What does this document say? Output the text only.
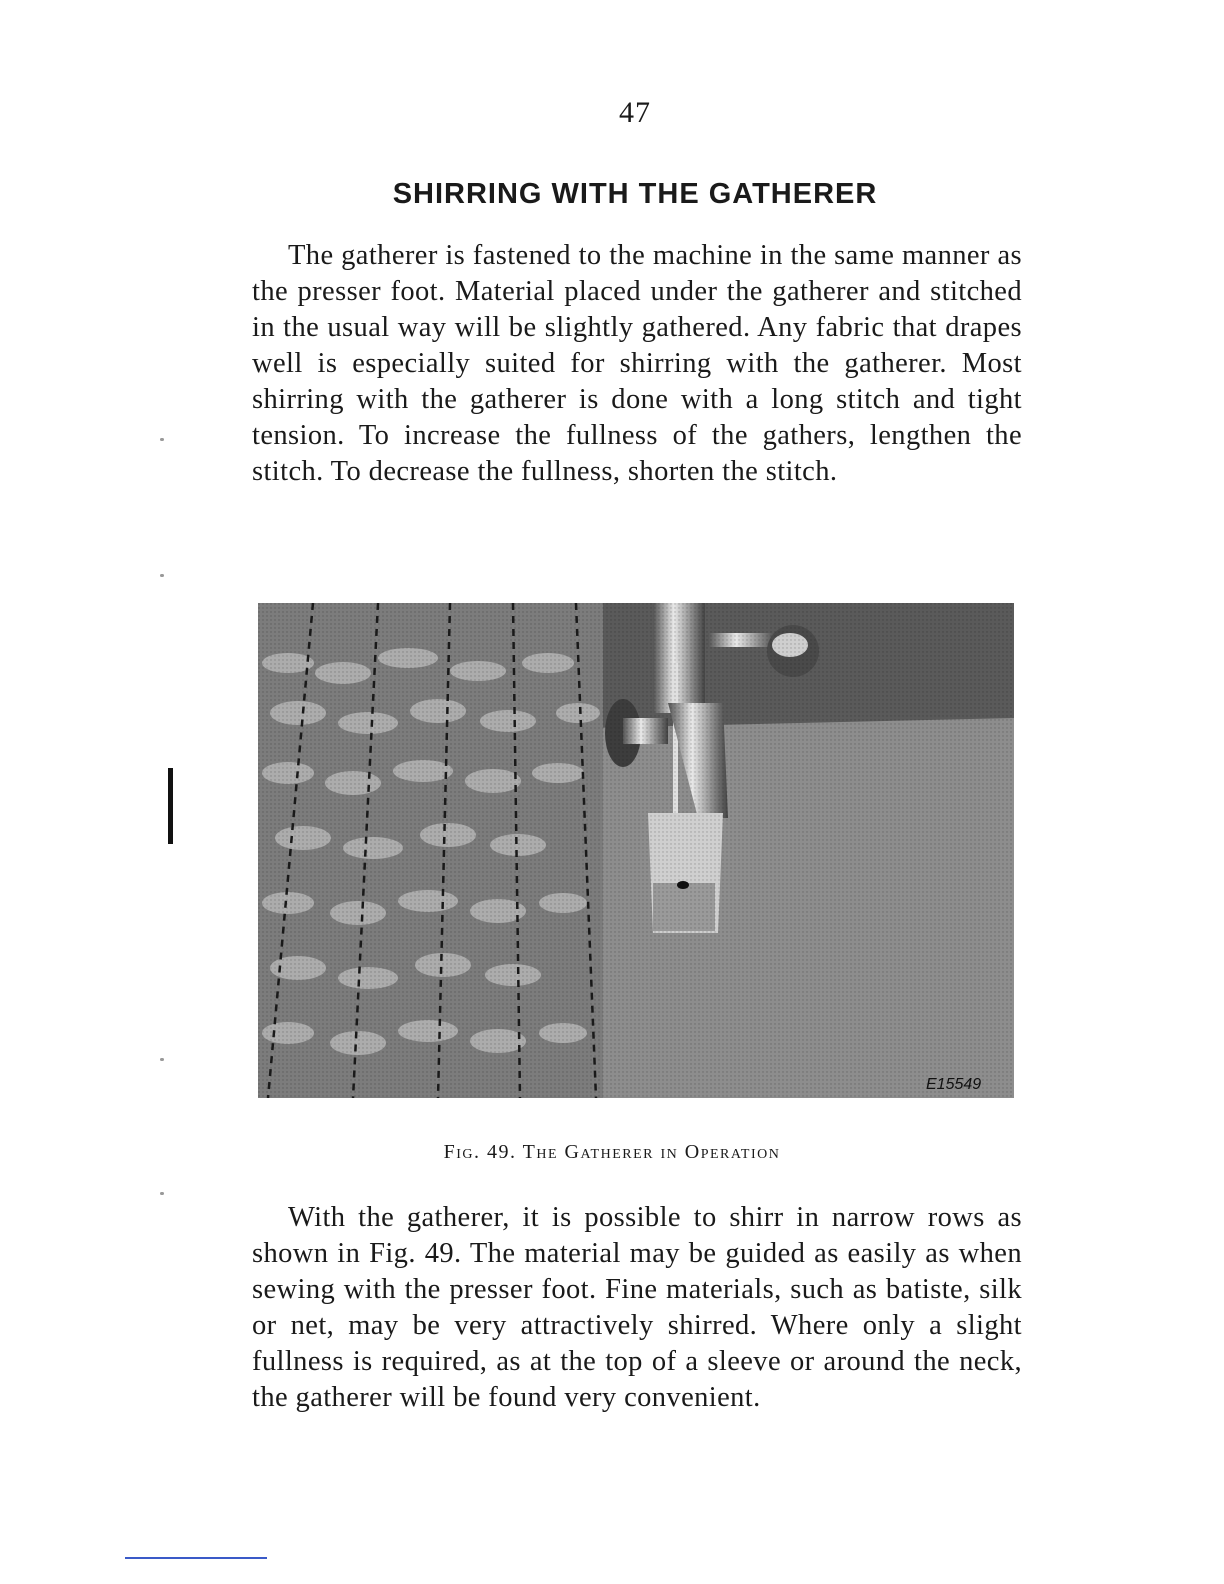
47
SHIRRING WITH THE GATHERER

The gatherer is fastened to the machine in the same manner as the presser foot. Material placed under the gatherer and stitched in the usual way will be slightly gathered. Any fabric that drapes well is especially suited for shirring with the gatherer. Most shirring with the gatherer is done with a long stitch and tight tension. To increase the fullness of the gathers, lengthen the stitch. To decrease the fullness, shorten the stitch.

E15549
Fig. 49. The Gatherer in Operation

With the gatherer, it is possible to shirr in narrow rows as shown in Fig. 49. The material may be guided as easily as when sewing with the presser foot. Fine materials, such as batiste, silk or net, may be very attractively shirred. Where only a slight fullness is required, as at the top of a sleeve or around the neck, the gatherer will be found very convenient.
